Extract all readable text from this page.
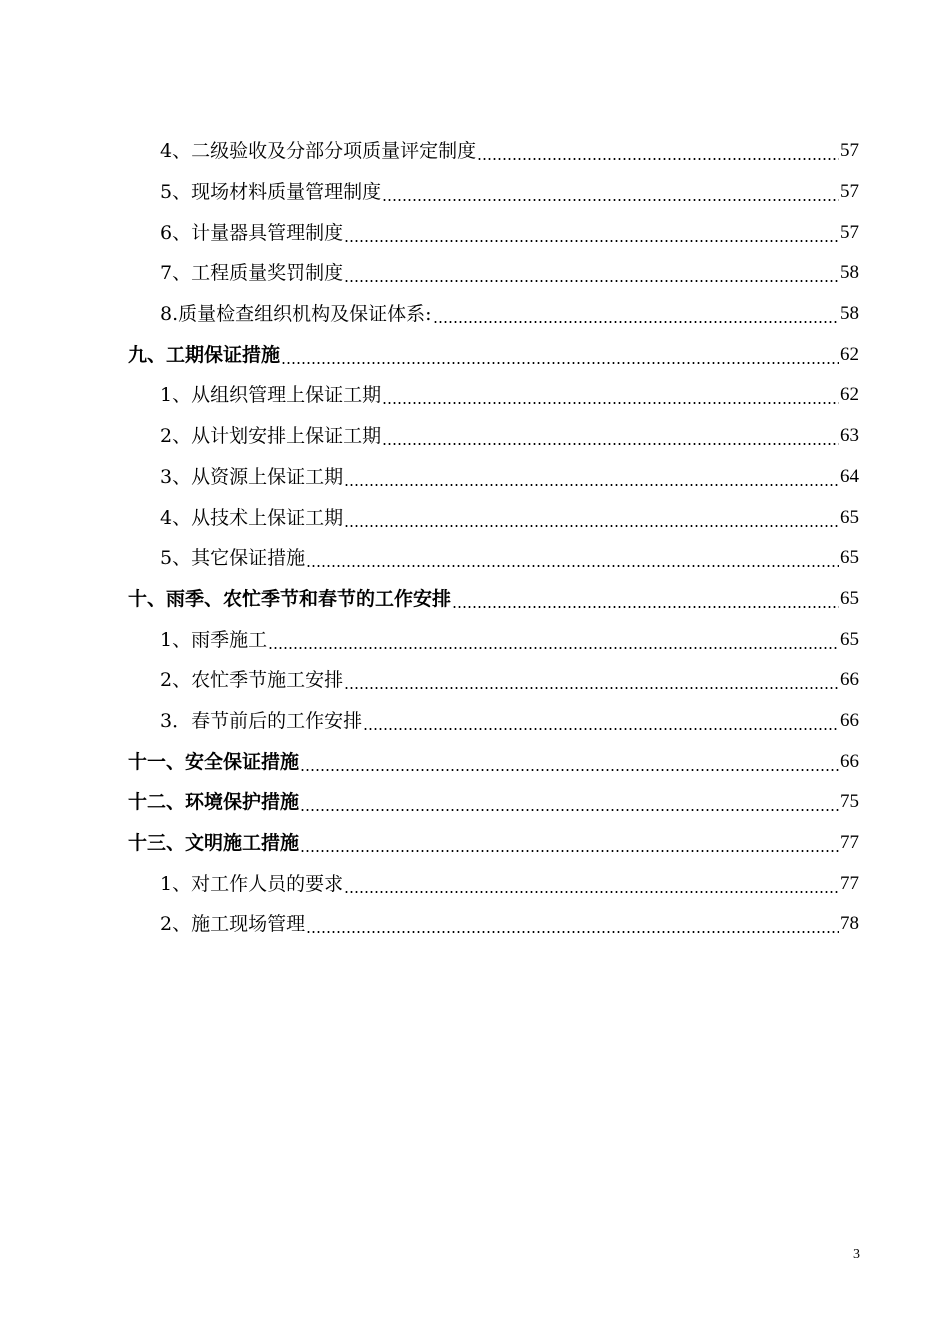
4、二级验收及分部分项质量评定制度	57
5、现场材料质量管理制度	57
6、计量器具管理制度	57
7、工程质量奖罚制度	58
8.质量检查组织机构及保证体系:	58
九、工期保证措施	62
1、从组织管理上保证工期	62
2、从计划安排上保证工期	63
3、从资源上保证工期	64
4、从技术上保证工期	65
5、其它保证措施	65
十、雨季、农忙季节和春节的工作安排	65
1、雨季施工	65
2、农忙季节施工安排	66
3．春节前后的工作安排	66
十一、安全保证措施	66
十二、环境保护措施	75
十三、文明施工措施	77
1、对工作人员的要求	77
2、施工现场管理	78
3
